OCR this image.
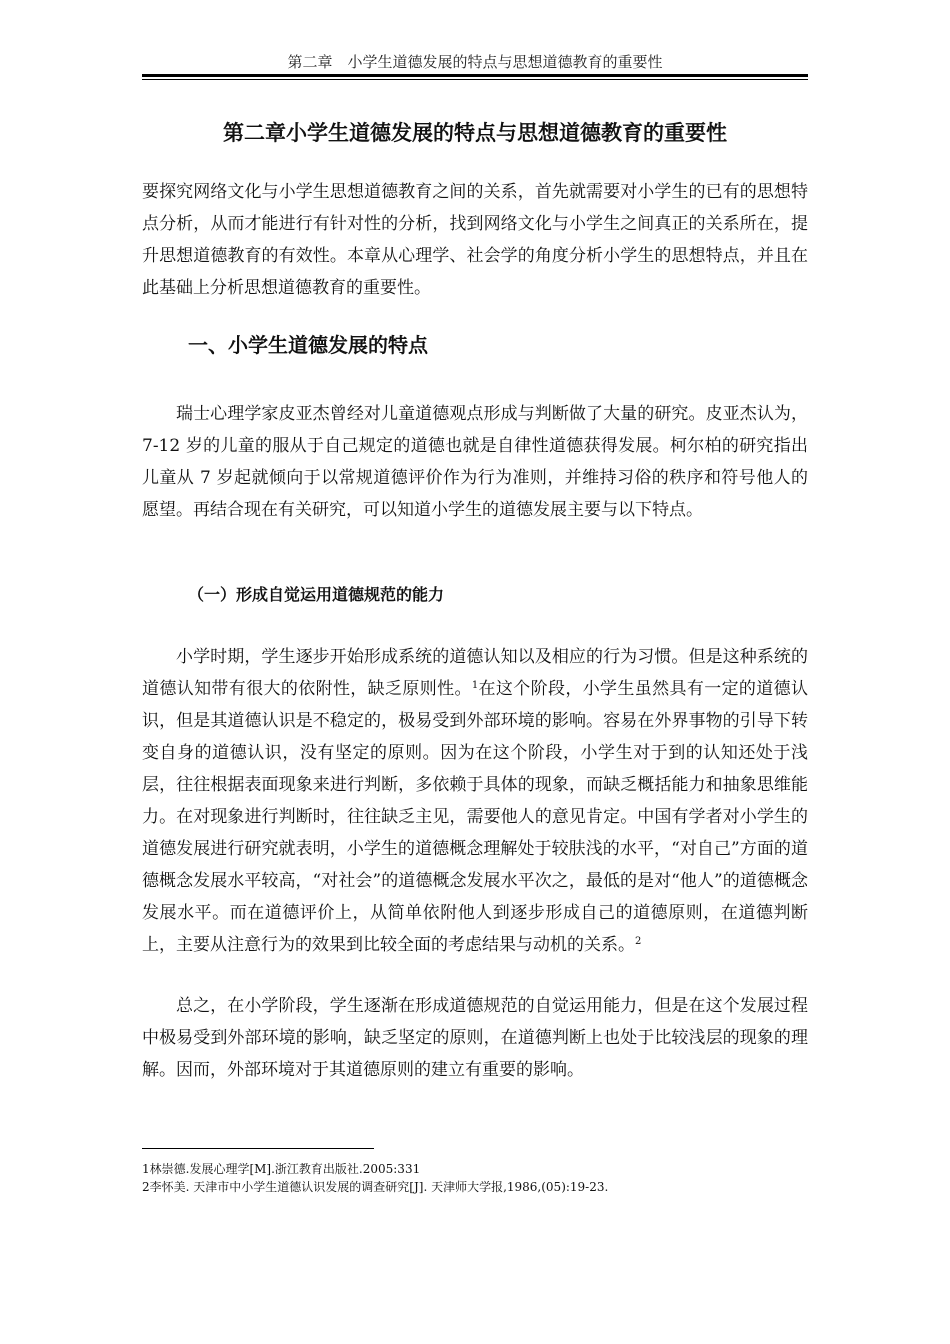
第二章　小学生道德发展的特点与思想道德教育的重要性
第二章小学生道德发展的特点与思想道德教育的重要性

要探究网络文化与小学生思想道德教育之间的关系，首先就需要对小学生的已有的思想特点分析，从而才能进行有针对性的分析，找到网络文化与小学生之间真正的关系所在，提升思想道德教育的有效性。本章从心理学、社会学的角度分析小学生的思想特点，并且在此基础上分析思想道德教育的重要性。

一、小学生道德发展的特点

瑞士心理学家皮亚杰曾经对儿童道德观点形成与判断做了大量的研究。皮亚杰认为，7-12 岁的儿童的服从于自己规定的道德也就是自律性道德获得发展。柯尔柏的研究指出儿童从 7 岁起就倾向于以常规道德评价作为行为准则，并维持习俗的秩序和符号他人的愿望。再结合现在有关研究，可以知道小学生的道德发展主要与以下特点。

（一）形成自觉运用道德规范的能力

小学时期，学生逐步开始形成系统的道德认知以及相应的行为习惯。但是这种系统的道德认知带有很大的依附性，缺乏原则性。$^1$在这个阶段，小学生虽然具有一定的道德认识，但是其道德认识是不稳定的，极易受到外部环境的影响。容易在外界事物的引导下转变自身的道德认识，没有坚定的原则。因为在这个阶段，小学生对于到的认知还处于浅层，往往根据表面现象来进行判断，多依赖于具体的现象，而缺乏概括能力和抽象思维能力。在对现象进行判断时，往往缺乏主见，需要他人的意见肯定。中国有学者对小学生的道德发展进行研究就表明，小学生的道德概念理解处于较肤浅的水平，“对自己”方面的道德概念发展水平较高，“对社会”的道德概念发展水平次之，最低的是对“他人”的道德概念发展水平。而在道德评价上，从简单依附他人到逐步形成自己的道德原则，在道德判断上，主要从注意行为的效果到比较全面的考虑结果与动机的关系。$^2$

总之，在小学阶段，学生逐渐在形成道德规范的自觉运用能力，但是在这个发展过程中极易受到外部环境的影响，缺乏坚定的原则，在道德判断上也处于比较浅层的现象的理解。因而，外部环境对于其道德原则的建立有重要的影响。

1林崇德.发展心理学[M].浙江教育出版社.2005:331
2李怀美. 天津市中小学生道德认识发展的调查研究[J]. 天津师大学报,1986,(05):19-23.
